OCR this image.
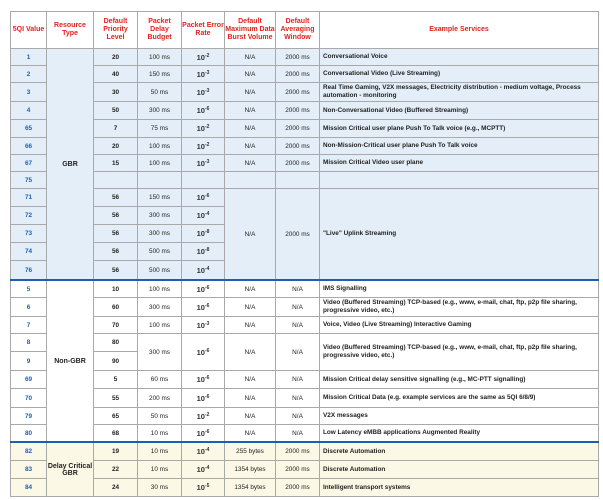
5QI Value	Resource Type	Default Priority Level	Packet Delay Budget	Packet Error Rate	Default Maximum Data Burst Volume	Default Averaging Window	Example Services
1	GBR	20	100 ms	$10^{-2}$	N/A	2000 ms	Conversational Voice
2		40	150 ms	$10^{-3}$	N/A	2000 ms	Conversational Video (Live Streaming)
3		30	50 ms	$10^{-3}$	N/A	2000 ms	Real Time Gaming, V2X messages, Electricity distribution - medium voltage, Process automation - monitoring
4		50	300 ms	$10^{-6}$	N/A	2000 ms	Non-Conversational Video (Buffered Streaming)
65		7	75 ms	$10^{-2}$	N/A	2000 ms	Mission Critical user plane Push To Talk voice (e.g., MCPTT)
66		20	100 ms	$10^{-2}$	N/A	2000 ms	Non-Mission-Critical user plane Push To Talk voice
67		15	100 ms	$10^{-3}$	N/A	2000 ms	Mission Critical Video user plane
75							
71		56	150 ms	$10^{-6}$	N/A	2000 ms	"Live" Uplink Streaming
72		56	300 ms	$10^{-4}$
73		56	300 ms	$10^{-8}$
74		56	500 ms	$10^{-8}$
76		56	500 ms	$10^{-4}$
5	Non-GBR	10	100 ms	$10^{-6}$	N/A	N/A	IMS Signalling
6		60	300 ms	$10^{-6}$	N/A	N/A	Video (Buffered Streaming) TCP-based (e.g., www, e-mail, chat, ftp, p2p file sharing, progressive video, etc.)
7		70	100 ms	$10^{-3}$	N/A	N/A	Voice, Video (Live Streaming) Interactive Gaming
8		80	300 ms	$10^{-6}$	N/A	N/A	Video (Buffered Streaming) TCP-based (e.g., www, e-mail, chat, ftp, p2p file sharing, progressive video, etc.)
9		90					
69		5	60 ms	$10^{-6}$	N/A	N/A	Mission Critical delay sensitive signalling (e.g., MC-PTT signalling)
70		55	200 ms	$10^{-6}$	N/A	N/A	Mission Critical Data (e.g. example services are the same as 5QI 6/8/9)
79		65	50 ms	$10^{-2}$	N/A	N/A	V2X messages
80		68	10 ms	$10^{-6}$	N/A	N/A	Low Latency eMBB applications Augmented Reality
82	Delay Critical GBR	19	10 ms	$10^{-4}$	255 bytes	2000 ms	Discrete Automation
83		22	10 ms	$10^{-4}$	1354 bytes	2000 ms	Discrete Automation
84		24	30 ms	$10^{-5}$	1354 bytes	2000 ms	Intelligent transport systems
